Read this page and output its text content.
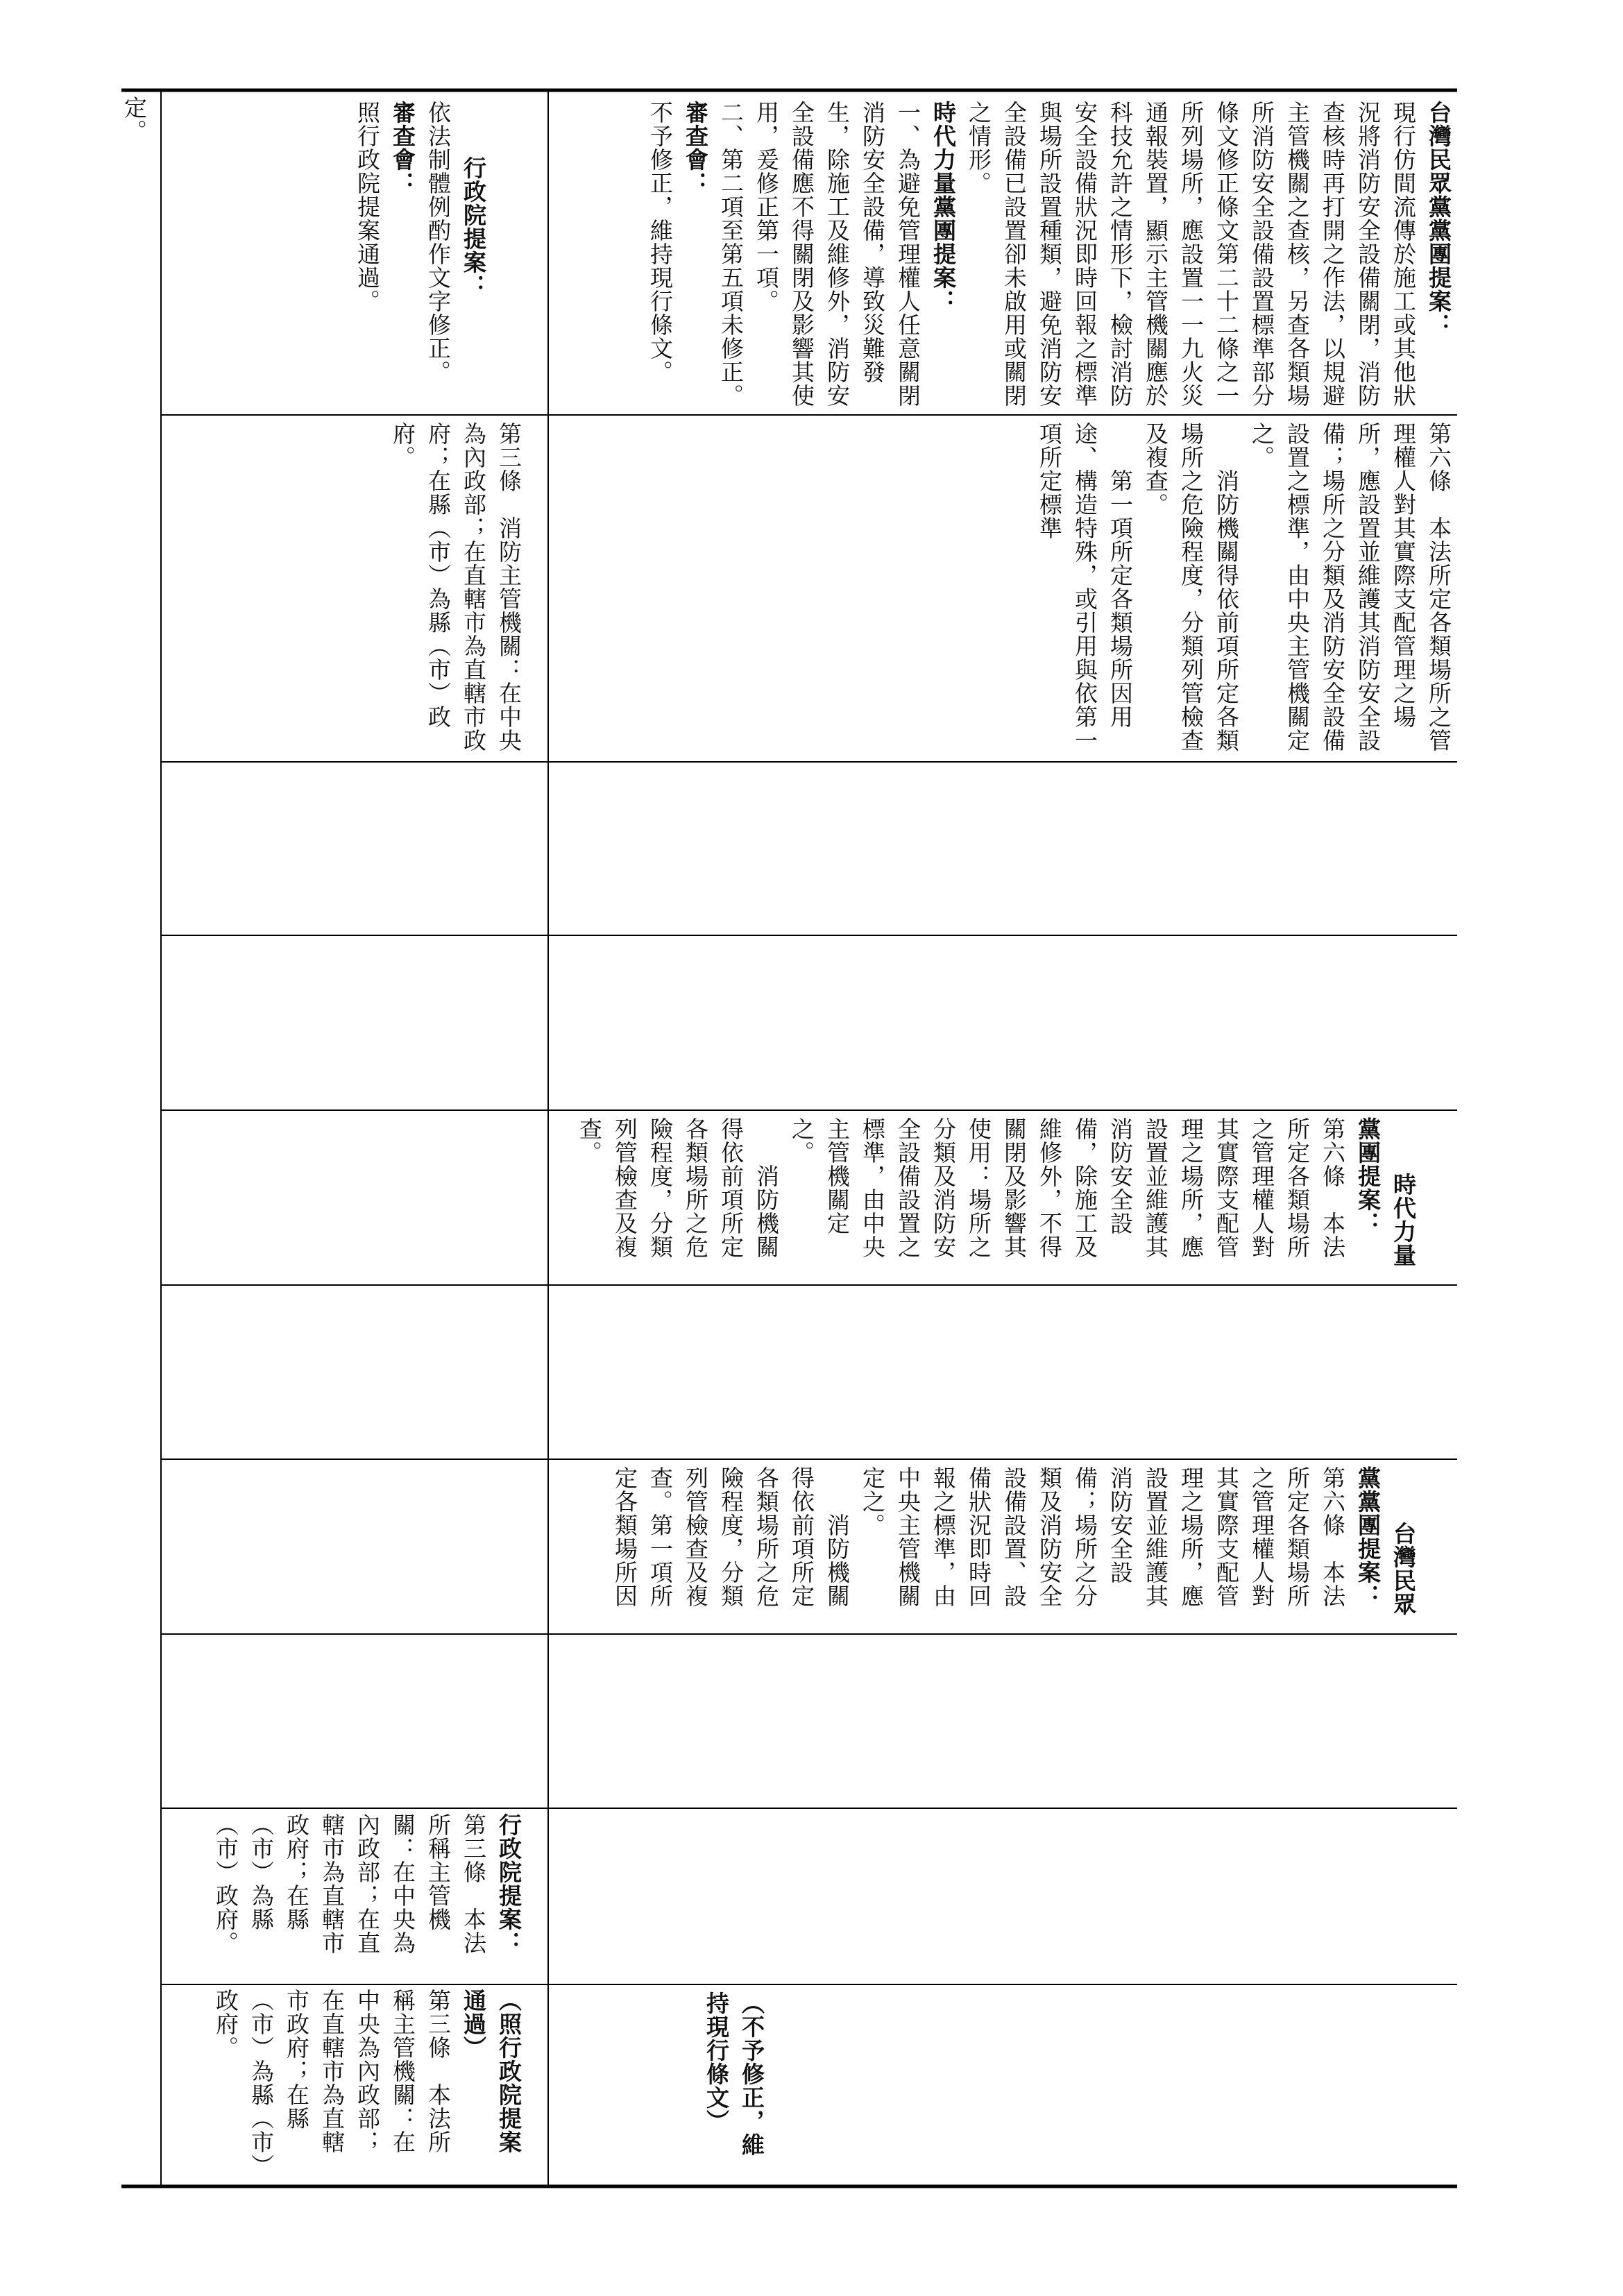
定。

行政院提案：
依法制體例酌作文字修正。
審查會：
照行政院提案通過。

第三條　消防主管機關：在中央為內政部；在直轄市為直轄市政府；在縣（市）為縣（市）政府。
行政院提案：
第三條　本法所稱主管機關：在中央為內政部；在直轄市為直轄市政府；在縣（市）為縣（市）政府。
（照行政院提案通過）
第三條　本法所稱主管機關：在中央為內政部；在直轄市為直轄市政府；在縣（市）為縣（市）政府。
台灣民眾黨黨團提案：
現行仿間流傳於施工或其他狀況將消防安全設備關閉，消防查核時再打開之作法，以規避主管機關之查核，另查各類場所消防安全設備設置標準部分條文修正條文第二十二條之一所列場所，應設置一一九火災通報裝置，顯示主管機關應於科技允許之情形下，檢討消防安全設備狀況即時回報之標準與場所設置種類，避免消防安全設備已設置卻未啟用或關閉之情形。
時代力量黨團提案：
一、為避免管理權人任意關閉消防安全設備，導致災難發生，除施工及維修外，消防安全設備應不得關閉及影響其使用，爰修正第一項。
二、第二項至第五項未修正。
審查會：
不予修正，維持現行條文。
第六條　本法所定各類場所之管理權人對其實際支配管理之場所，應設置並維護其消防安全設備；場所之分類及消防安全設備設置之標準，由中央主管機關定之。
　　消防機關得依前項所定各類場所之危險程度，分類列管檢查及複查。
　　第一項所定各類場所因用途、構造特殊，或引用與依第一項所定標準

時代力量黨團提案：
第六條　本法所定各類場所之管理權人對其實際支配管理之場所，應設置並維護其消防安全設備，除施工及維修外，不得關閉及影響其使用：場所之分類及消防安全設備設置之標準，由中央主管機關定之。
　　消防機關得依前項所定各類場所之危險程度，分類列管檢查及複查。

台灣民眾黨黨團提案：
第六條　本法所定各類場所之管理權人對其實際支配管理之場所，應設置並維護其消防安全設備；場所之分類及消防安全設備設置、設備狀況即時回報之標準，由中央主管機關定之。
　　消防機關得依前項所定各類場所之危險程度，分類列管檢查及複查。第一項所定各類場所因

（不予修正，維持現行條文）
